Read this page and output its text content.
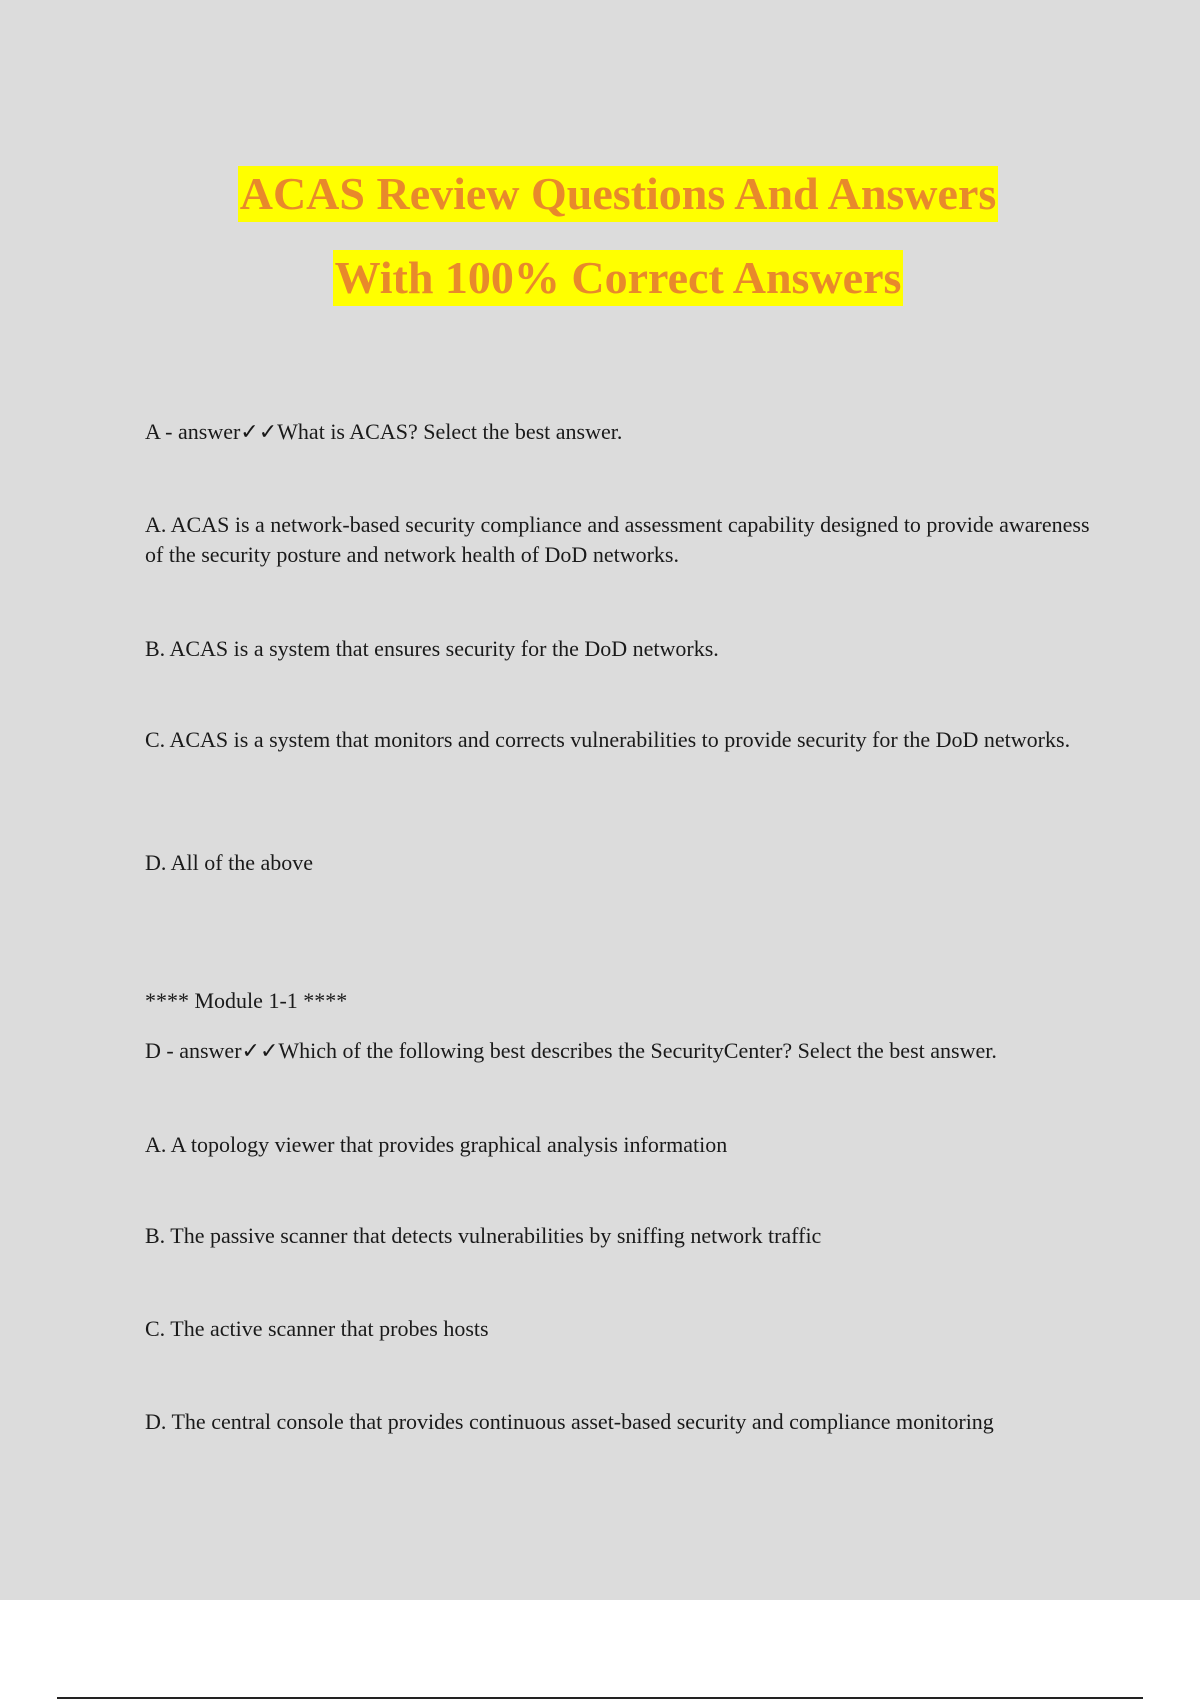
ACAS Review Questions And Answers
With 100% Correct Answers

A - answer✓✓What is ACAS? Select the best answer.

A. ACAS is a network-based security compliance and assessment capability designed to provide awareness of the security posture and network health of DoD networks.

B. ACAS is a system that ensures security for the DoD networks.

C. ACAS is a system that monitors and corrects vulnerabilities to provide security for the DoD networks.

D. All of the above

**** Module 1-1 ****

D - answer✓✓Which of the following best describes the SecurityCenter? Select the best answer.

A. A topology viewer that provides graphical analysis information

B. The passive scanner that detects vulnerabilities by sniffing network traffic

C. The active scanner that probes hosts

D. The central console that provides continuous asset-based security and compliance monitoring
